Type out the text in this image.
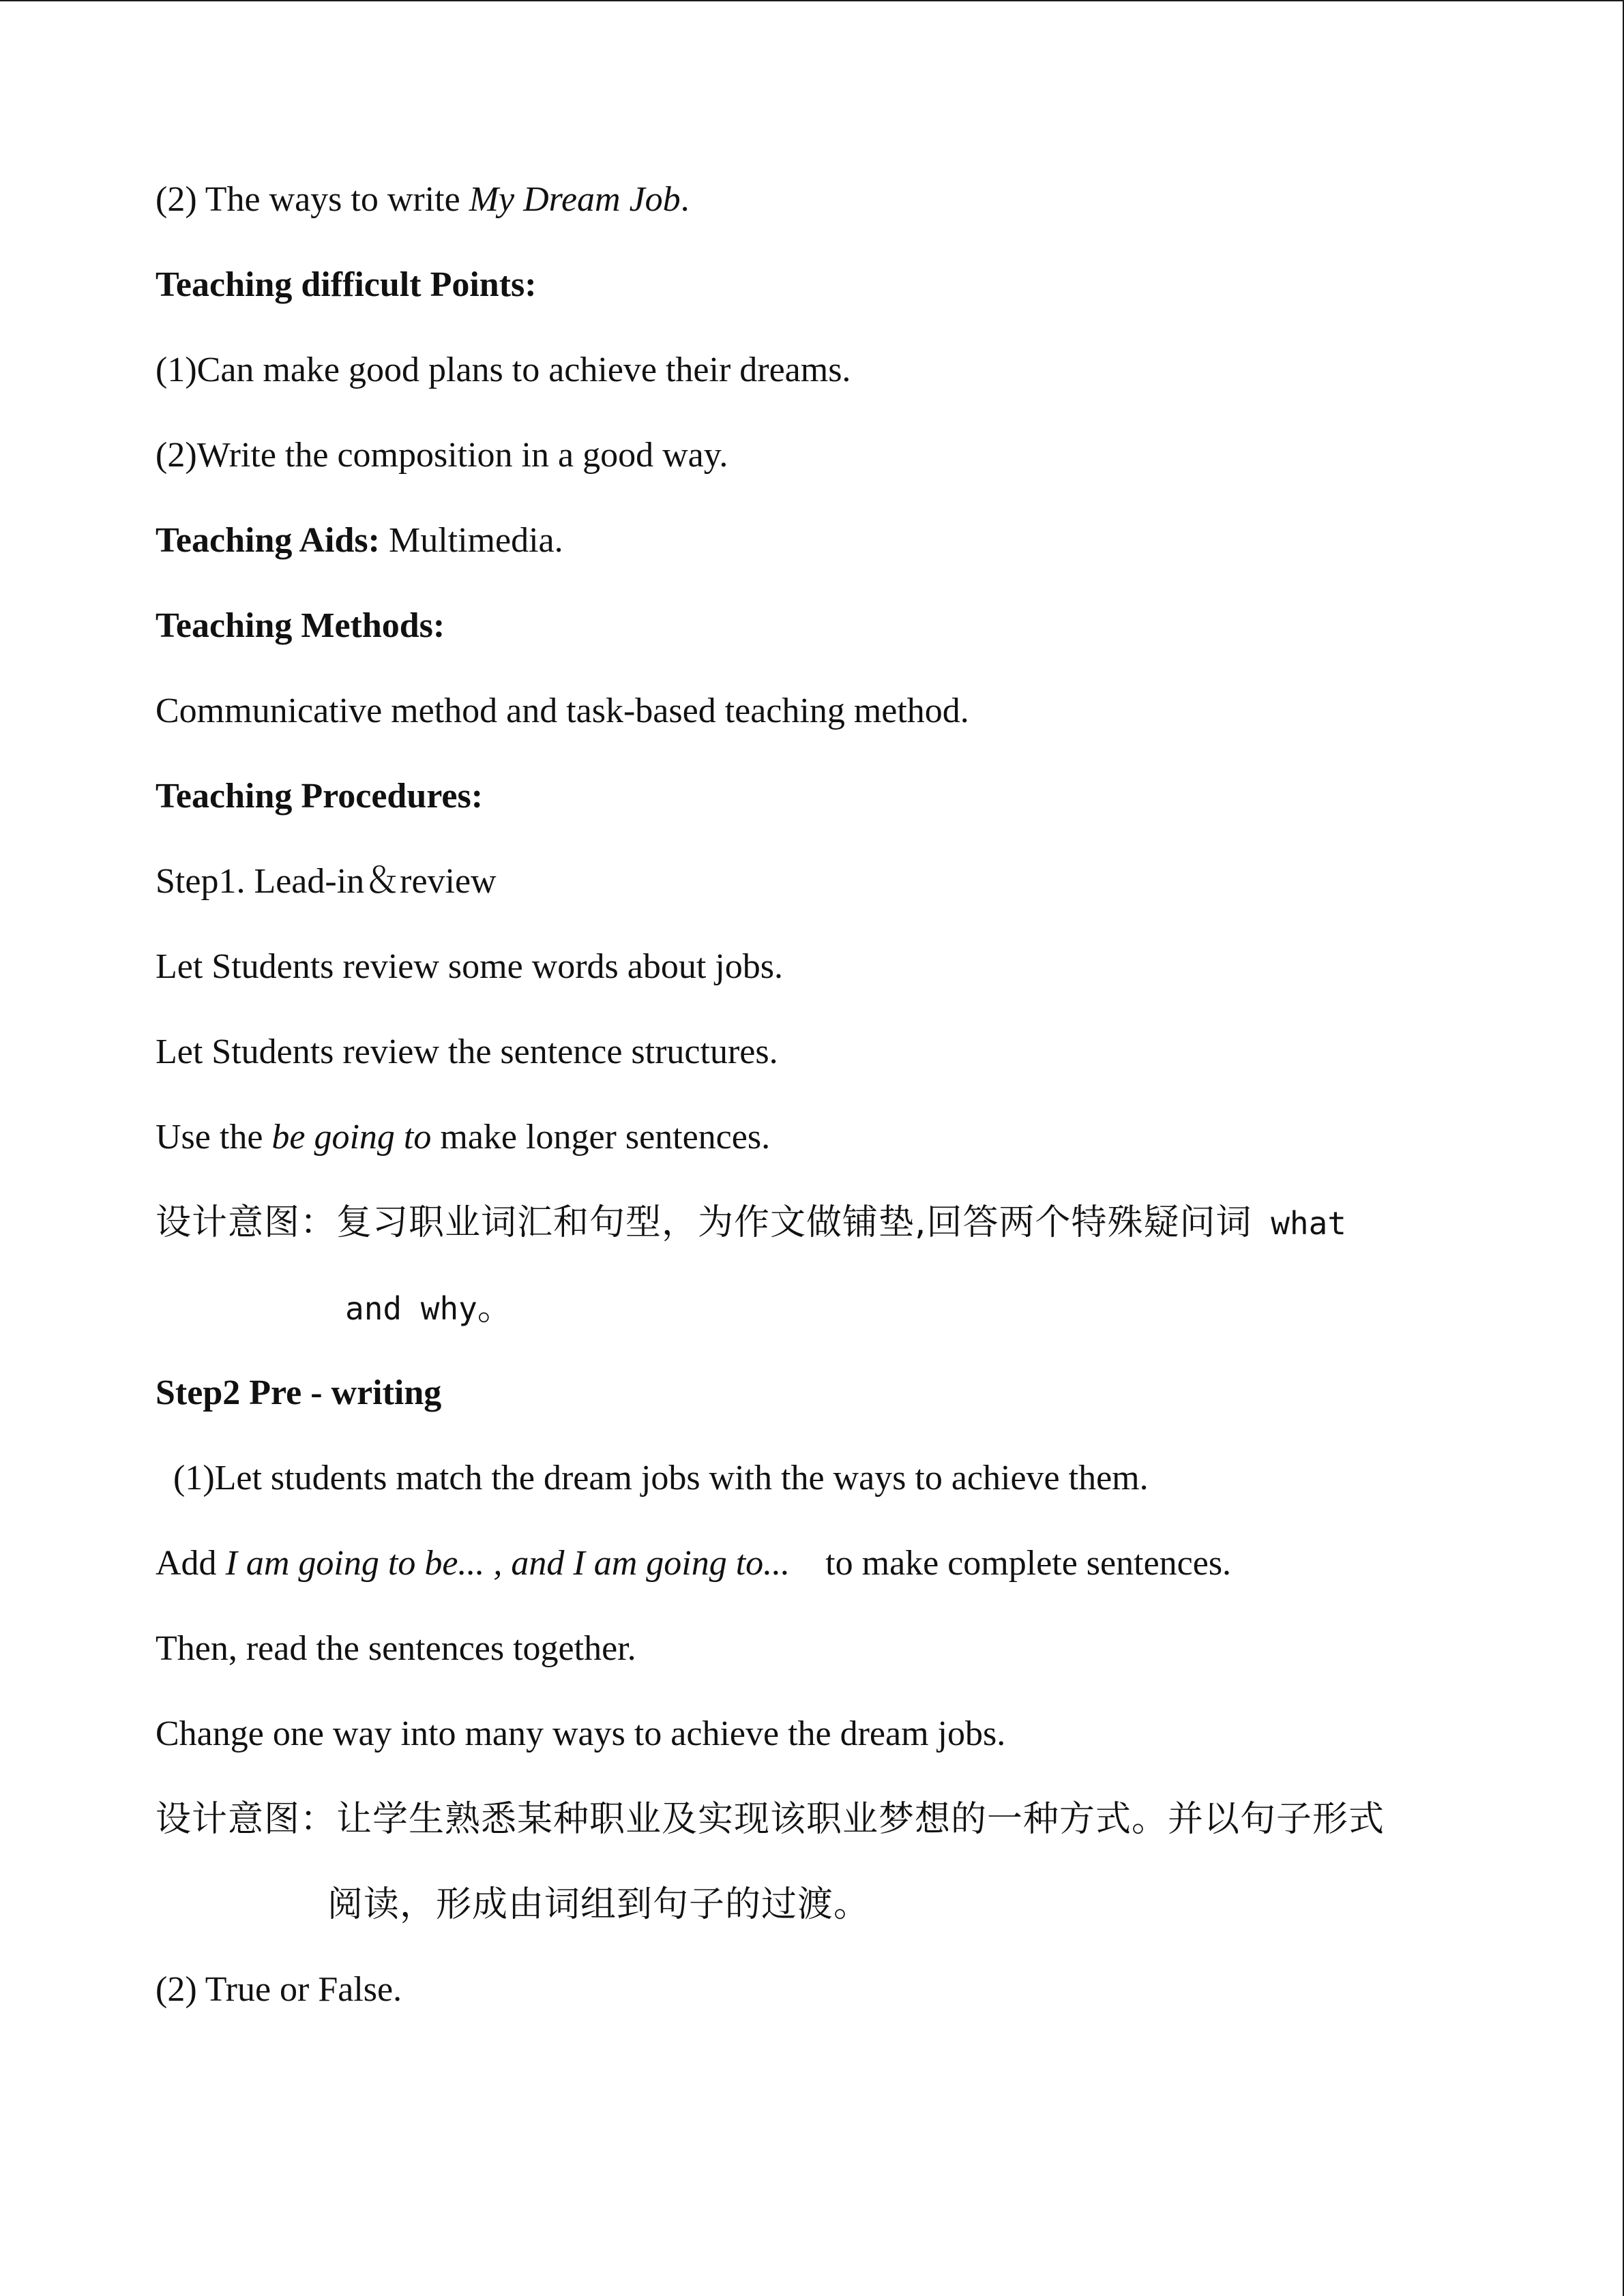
(2) The ways to write My Dream Job.
Teaching difficult Points:
(1)Can make good plans to achieve their dreams.
(2)Write the composition in a good way.
Teaching Aids: Multimedia.
Teaching Methods:
Communicative method and task-based teaching method.
Teaching Procedures:
Step1. Lead-in＆review
Let Students review some words about jobs.
Let Students review the sentence structures.
Use the be going to make longer sentences.
设计意图：复习职业词汇和句型，为作文做铺垫,回答两个特殊疑问词 what
and why。
Step2 Pre - writing
(1)Let students match the dream jobs with the ways to achieve them.
Add I am going to be... , and I am going to...    to make complete sentences.
Then, read the sentences together.
Change one way into many ways to achieve the dream jobs.
设计意图：让学生熟悉某种职业及实现该职业梦想的一种方式。并以句子形式
阅读，形成由词组到句子的过渡。
(2) True or False.
